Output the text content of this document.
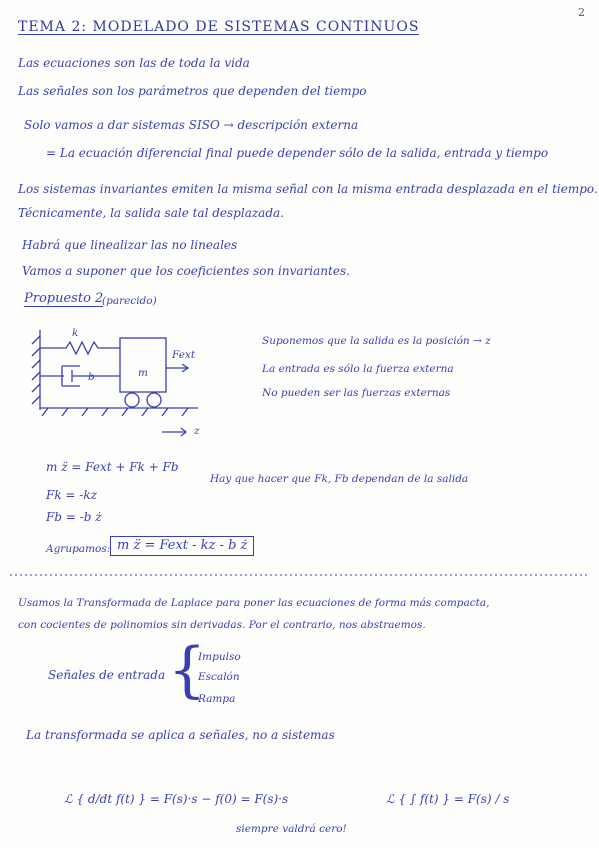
2
TEMA 2: MODELADO DE SISTEMAS CONTINUOS
Las ecuaciones son las de toda la vida
Las señales son los parámetros que dependen del tiempo
Solo vamos a dar sistemas SISO → descripción externa
= La ecuación diferencial final puede depender sólo de la salida, entrada y tiempo
Los sistemas invariantes emiten la misma señal con la misma entrada desplazada en el tiempo.
Técnicamente, la salida sale tal desplazada.
Habrá que linealizar las no lineales
Vamos a suponer que los coeficientes son invariantes.
Propuesto 2
(parecido)
k
b	m
Fext
z
Suponemos que la salida es la posición → z
La entrada es sólo la fuerza externa
No pueden ser las fuerzas externas
m z̈ = Fext + Fk + Fb
Hay que hacer que Fk, Fb dependan de la salida
Fk = -kz
Fb = -b ż
Agrupamos: m z̈ = Fext - kz - b ż
Usamos la Transformada de Laplace para poner las ecuaciones de forma más compacta,
con cocientes de polinomios sin derivadas. Por el contrario, nos abstraemos.
Señales de entrada {
Impulso
Escalón
Rampa
La transformada se aplica a señales, no a sistemas
ℒ { d/dt f(t) } = F(s)·s − f(0) = F(s)·s	ℒ { ∫ f(t) } = F(s) / s
siempre valdrá cero!
